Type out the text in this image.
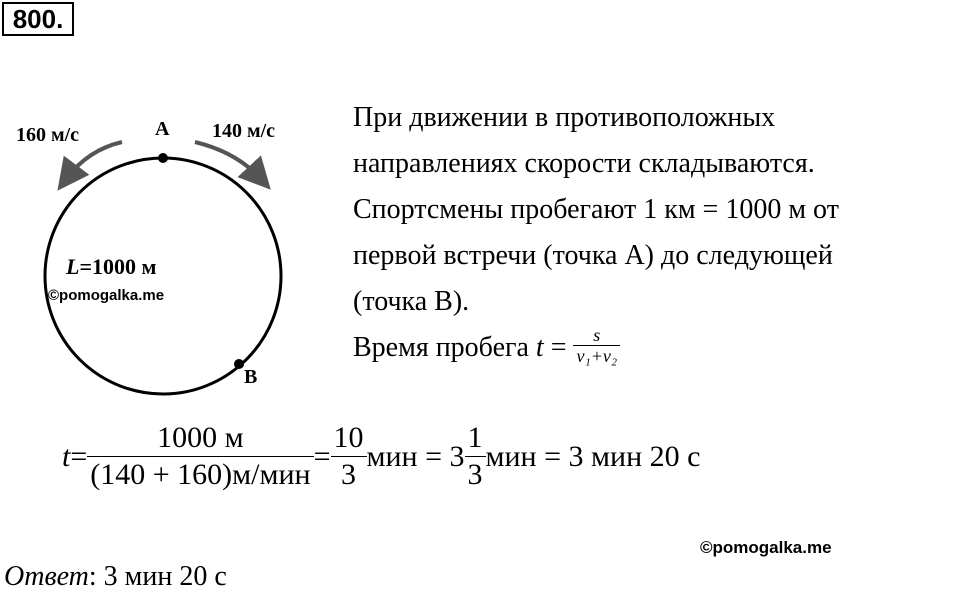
800.
A
B
160 м/с	140 м/с
L=1000 м
©pomogalka.me
При движении в противоположных
направлениях скорости складываются.
Спортсмены пробегают 1 км = 1000 м от
первой встречи (точка А) до следующей
(точка В).
Время пробега $t = \frac{s}{\text{v₁+v₂}}$
$t= \frac{1000 м}{\text{(140 + 160)м/мин}} = \frac{10}{3}$ мин = $3 \frac{1}{3}$ мин = 3 мин 20 с
©pomogalka.me
Ответ: 3 мин 20 с
